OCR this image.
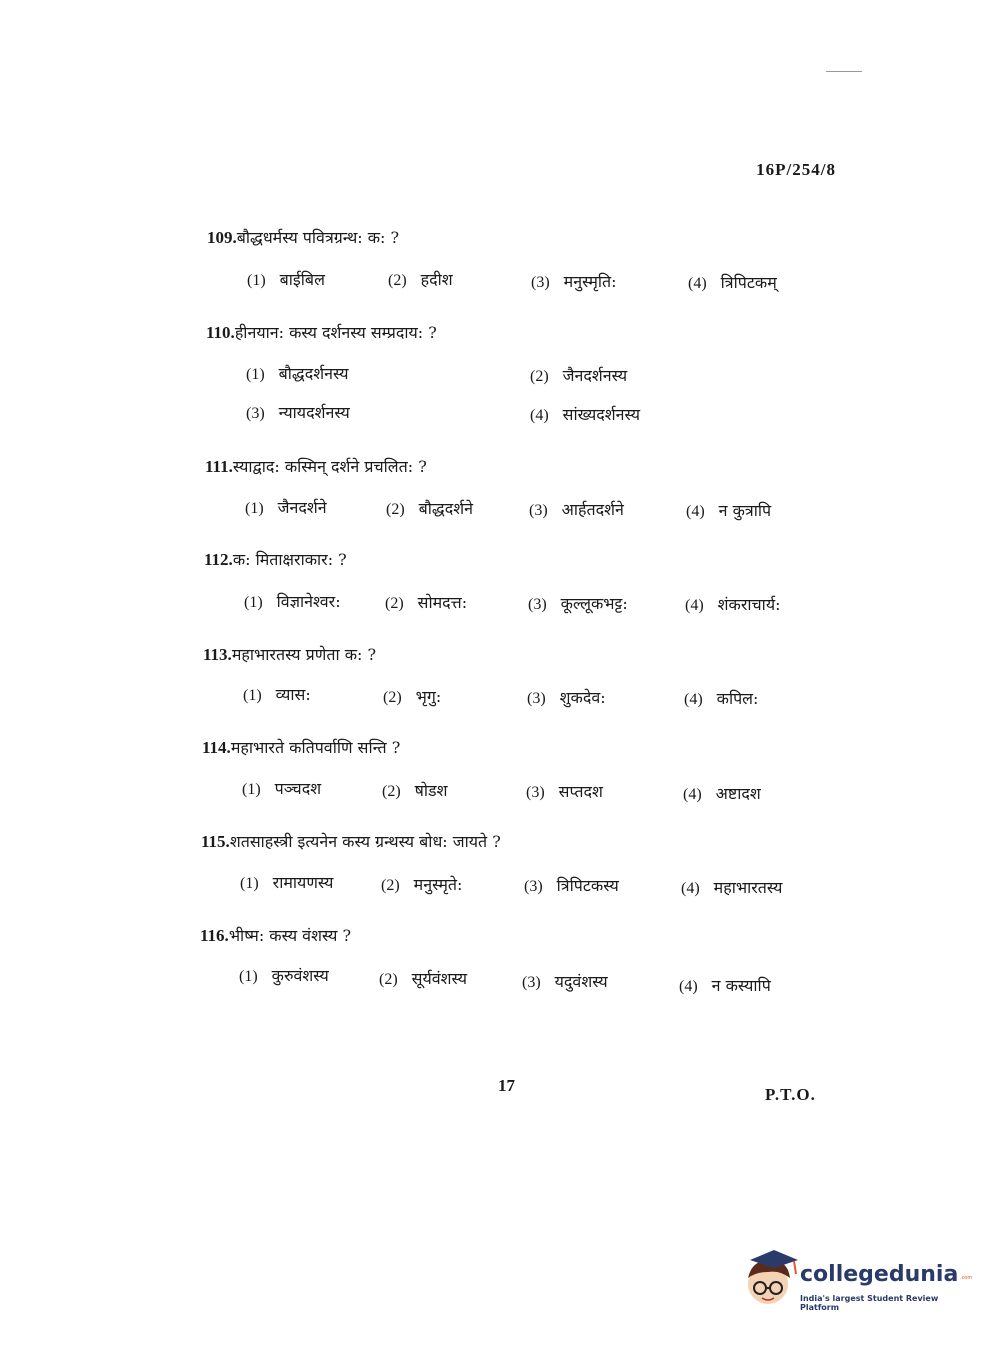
16P/254/8
109.बौद्धधर्मस्य पवित्रग्रन्थ: क: ?
(1) बाईबिल	(2) हदीश	(3) मनुस्मृति:	(4) त्रिपिटकम्
110.हीनयान: कस्य दर्शनस्य सम्प्रदाय: ?
(1) बौद्धदर्शनस्य	(2) जैनदर्शनस्य
(3) न्यायदर्शनस्य	(4) सांख्यदर्शनस्य
111.स्याद्वाद: कस्मिन् दर्शने प्रचलित: ?
(1) जैनदर्शने	(2) बौद्धदर्शने	(3) आर्हतदर्शने	(4) न कुत्रापि
112.क: मिताक्षराकार: ?
(1) विज्ञानेश्वर:	(2) सोमदत्त:	(3) कूल्लूकभट्ट:	(4) शंकराचार्य:
113.महाभारतस्य प्रणेता क: ?
(1) व्यास:	(2) भृगु:	(3) शुकदेव:	(4) कपिल:
114.महाभारते कतिपर्वाणि सन्ति ?
(1) पञ्चदश	(2) षोडश	(3) सप्तदश	(4) अष्टादश
115.शतसाहस्त्री इत्यनेन कस्य ग्रन्थस्य बोध: जायते ?
(1) रामायणस्य	(2) मनुस्मृते:	(3) त्रिपिटकस्य	(4) महाभारतस्य
116.भीष्म: कस्य वंशस्य ?
(1) कुरुवंशस्य	(2) सूर्यवंशस्य	(3) यदुवंशस्य	(4) न कस्यापि
17	P.T.O.
collegedunia .com
India's largest Student Review Platform
